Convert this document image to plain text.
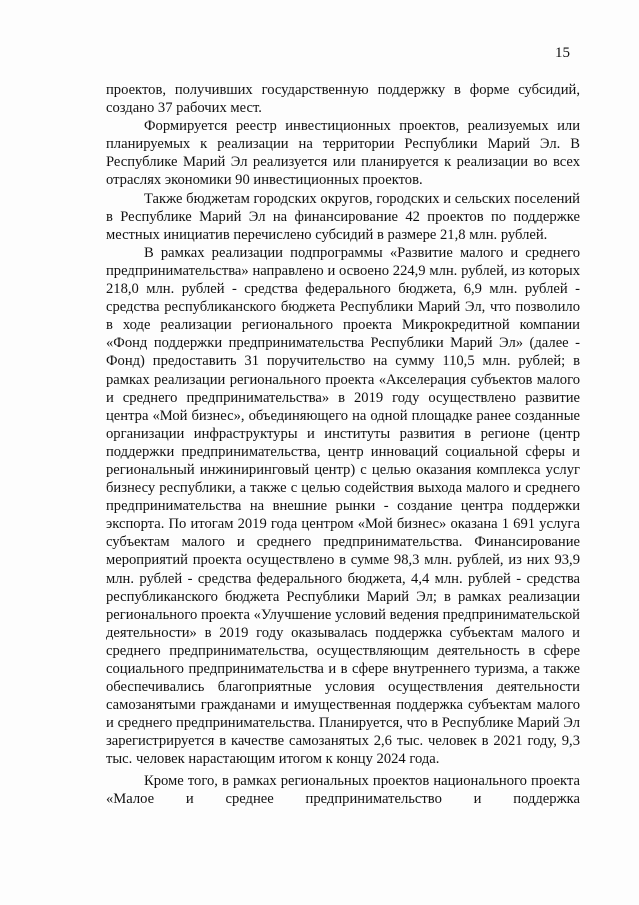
15

проектов, получивших государственную поддержку в форме субсидий, создано 37 рабочих мест.

Формируется реестр инвестиционных проектов, реализуемых или планируемых к реализации на территории Республики Марий Эл. В Республике Марий Эл реализуется или планируется к реализации во всех отраслях экономики 90 инвестиционных проектов.

Также бюджетам городских округов, городских и сельских поселений в Республике Марий Эл на финансирование 42 проектов по поддержке местных инициатив перечислено субсидий в размере 21,8 млн. рублей.

В рамках реализации подпрограммы «Развитие малого и среднего предпринимательства» направлено и освоено 224,9 млн. рублей, из которых 218,0 млн. рублей - средства федерального бюджета, 6,9 млн. рублей - средства республиканского бюджета Республики Марий Эл, что позволило в ходе реализации регионального проекта Микрокредитной компании «Фонд поддержки предпринимательства Республики Марий Эл» (далее - Фонд) предоставить 31 поручительство на сумму 110,5 млн. рублей; в рамках реализации регионального проекта «Акселерация субъектов малого и среднего предпринимательства» в 2019 году осуществлено развитие центра «Мой бизнес», объединяющего на одной площадке ранее созданные организации инфраструктуры и институты развития в регионе (центр поддержки предпринимательства, центр инноваций социальной сферы и региональный инжиниринговый центр) с целью оказания комплекса услуг бизнесу республики, а также с целью содействия выхода малого и среднего предпринимательства на внешние рынки - создание центра поддержки экспорта. По итогам 2019 года центром «Мой бизнес» оказана 1 691 услуга субъектам малого и среднего предпринимательства. Финансирование мероприятий проекта осуществлено в сумме 98,3 млн. рублей, из них 93,9 млн. рублей - средства федерального бюджета, 4,4 млн. рублей - средства республиканского бюджета Республики Марий Эл; в рамках реализации регионального проекта «Улучшение условий ведения предпринимательской деятельности» в 2019 году оказывалась поддержка субъектам малого и среднего предпринимательства, осуществляющим деятельность в сфере социального предпринимательства и в сфере внутреннего туризма, а также обеспечивались благоприятные условия осуществления деятельности самозанятыми гражданами и имущественная поддержка субъектам малого и среднего предпринимательства. Планируется, что в Республике Марий Эл зарегистрируется в качестве самозанятых 2,6 тыс. человек в 2021 году, 9,3 тыс. человек нарастающим итогом к концу 2024 года.

Кроме того, в рамках региональных проектов национального проекта «Малое и среднее предпринимательство и поддержка
